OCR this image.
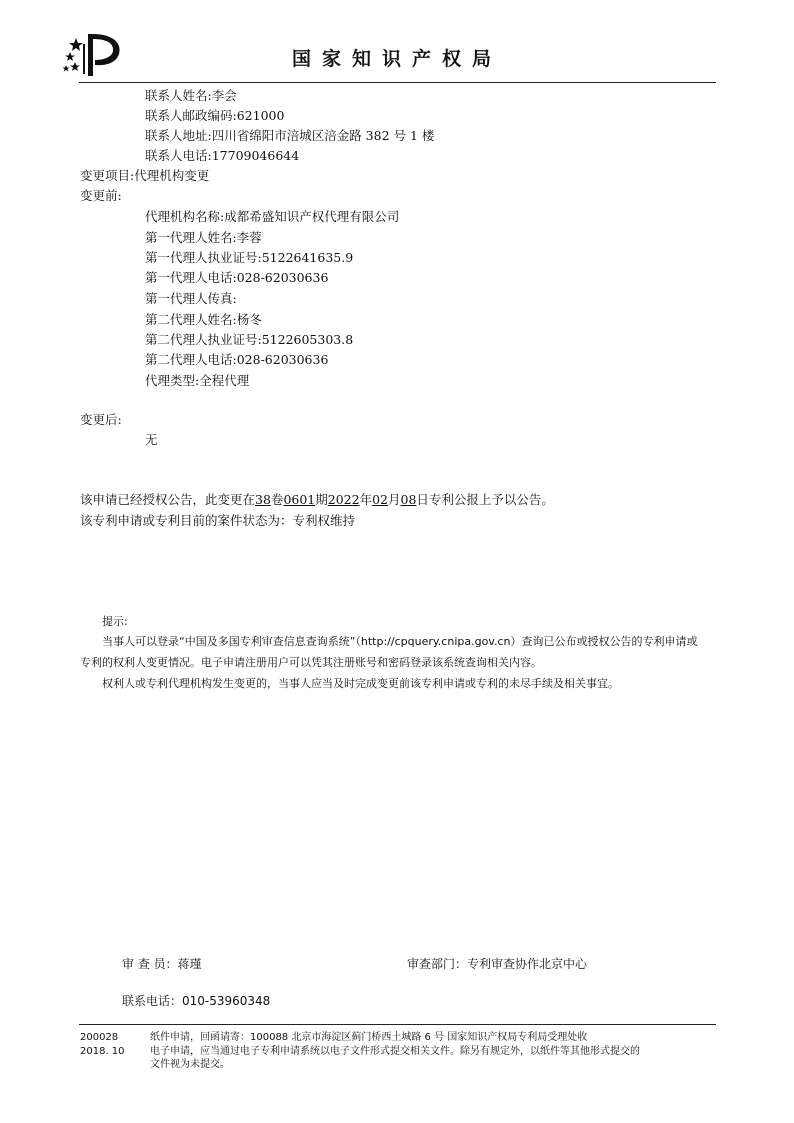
国家知识产权局
联系人姓名:李会
联系人邮政编码:621000
联系人地址:四川省绵阳市涪城区涪金路 382 号 1 楼
联系人电话:17709046644
变更项目:代理机构变更
变更前:
代理机构名称:成都希盛知识产权代理有限公司
第一代理人姓名:李蓉
第一代理人执业证号:5122641635.9
第一代理人电话:028-62030636
第一代理人传真:
第二代理人姓名:杨冬
第二代理人执业证号:5122605303.8
第二代理人电话:028-62030636
代理类型:全程代理
变更后:
无
该申请已经授权公告，此变更在38卷0601期2022年02月08日专利公报上予以公告。
该专利申请或专利目前的案件状态为：专利权维持
提示:
当事人可以登录“中国及多国专利审查信息查询系统”（http://cpquery.cnipa.gov.cn）查询已公布或授权公告的专利申请或
专利的权利人变更情况。电子申请注册用户可以凭其注册账号和密码登录该系统查询相关内容。
权利人或专利代理机构发生变更的，当事人应当及时完成变更前该专利申请或专利的未尽手续及相关事宜。
审 查 员：蒋瑾	审查部门：专利审查协作北京中心
联系电话：010-53960348
200028
2018. 10
纸件申请，回函请寄：100088 北京市海淀区蓟门桥西土城路 6 号 国家知识产权局专利局受理处收
电子申请，应当通过电子专利申请系统以电子文件形式提交相关文件。除另有规定外，以纸件等其他形式提交的
文件视为未提交。
